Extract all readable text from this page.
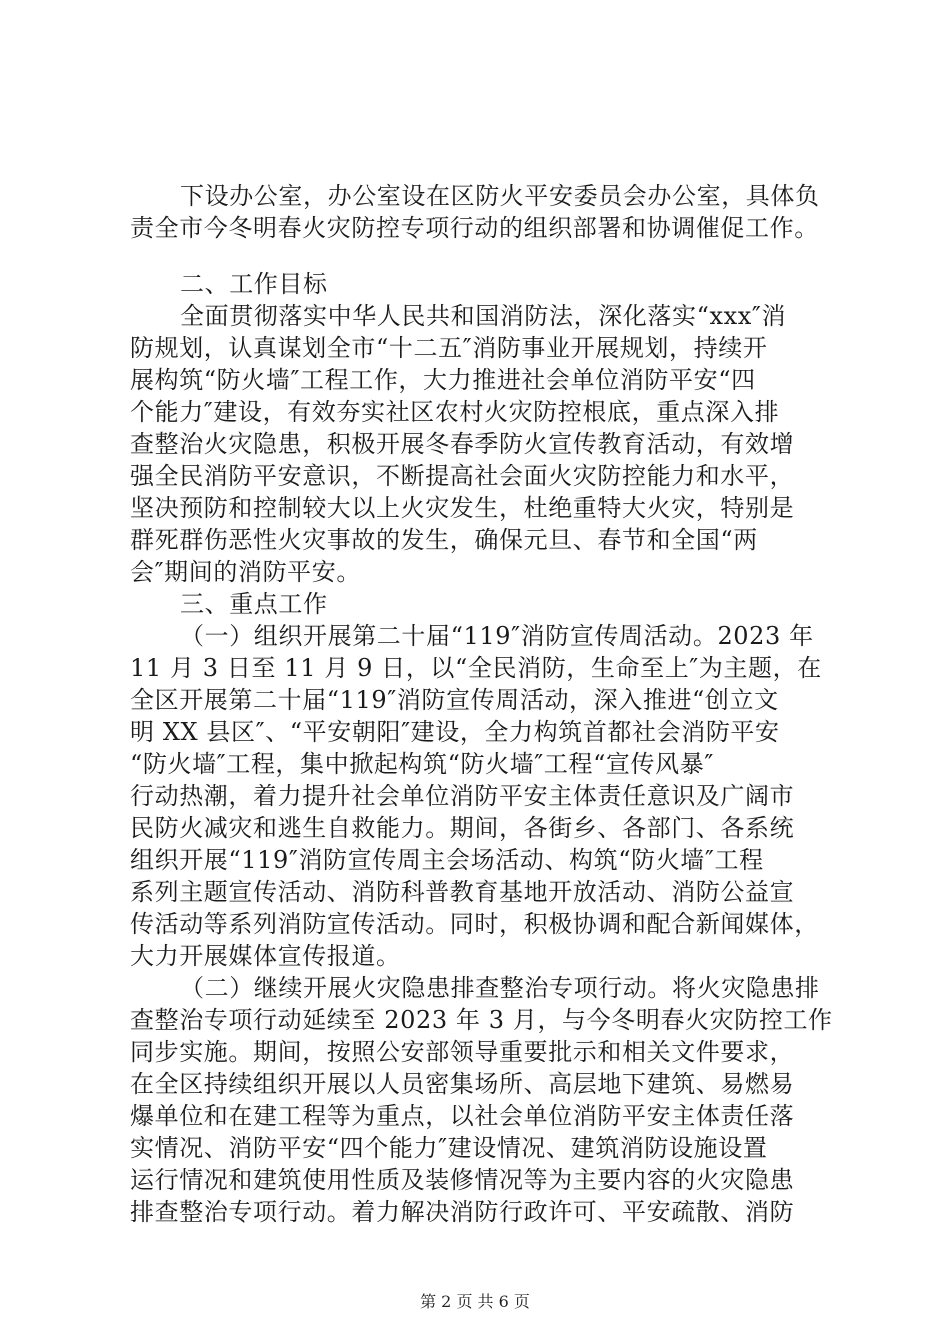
下设办公室，办公室设在区防火平安委员会办公室，具体负
责全市今冬明春火灾防控专项行动的组织部署和协调催促工作。
二、工作目标
全面贯彻落实中华人民共和国消防法，深化落实“xxx″消
防规划，认真谋划全市“十二五″消防事业开展规划，持续开
展构筑“防火墙″工程工作，大力推进社会单位消防平安“四
个能力″建设，有效夯实社区农村火灾防控根底，重点深入排
查整治火灾隐患，积极开展冬春季防火宣传教育活动，有效增
强全民消防平安意识，不断提高社会面火灾防控能力和水平，
坚决预防和控制较大以上火灾发生，杜绝重特大火灾，特别是
群死群伤恶性火灾事故的发生，确保元旦、春节和全国“两
会″期间的消防平安。
三、重点工作
（一）组织开展第二十届“119″消防宣传周活动。2023 年
11 月 3 日至 11 月 9 日，以“全民消防，生命至上″为主题，在
全区开展第二十届“119″消防宣传周活动，深入推进“创立文
明 XX 县区″、“平安朝阳″建设，全力构筑首都社会消防平安
“防火墙″工程，集中掀起构筑“防火墙″工程“宣传风暴″
行动热潮，着力提升社会单位消防平安主体责任意识及广阔市
民防火减灾和逃生自救能力。期间，各街乡、各部门、各系统
组织开展“119″消防宣传周主会场活动、构筑“防火墙″工程
系列主题宣传活动、消防科普教育基地开放活动、消防公益宣
传活动等系列消防宣传活动。同时，积极协调和配合新闻媒体，
大力开展媒体宣传报道。
（二）继续开展火灾隐患排查整治专项行动。将火灾隐患排
查整治专项行动延续至 2023 年 3 月，与今冬明春火灾防控工作
同步实施。期间，按照公安部领导重要批示和相关文件要求，
在全区持续组织开展以人员密集场所、高层地下建筑、易燃易
爆单位和在建工程等为重点，以社会单位消防平安主体责任落
实情况、消防平安“四个能力″建设情况、建筑消防设施设置
运行情况和建筑使用性质及装修情况等为主要内容的火灾隐患
排查整治专项行动。着力解决消防行政许可、平安疏散、消防
第 2 页 共 6 页
